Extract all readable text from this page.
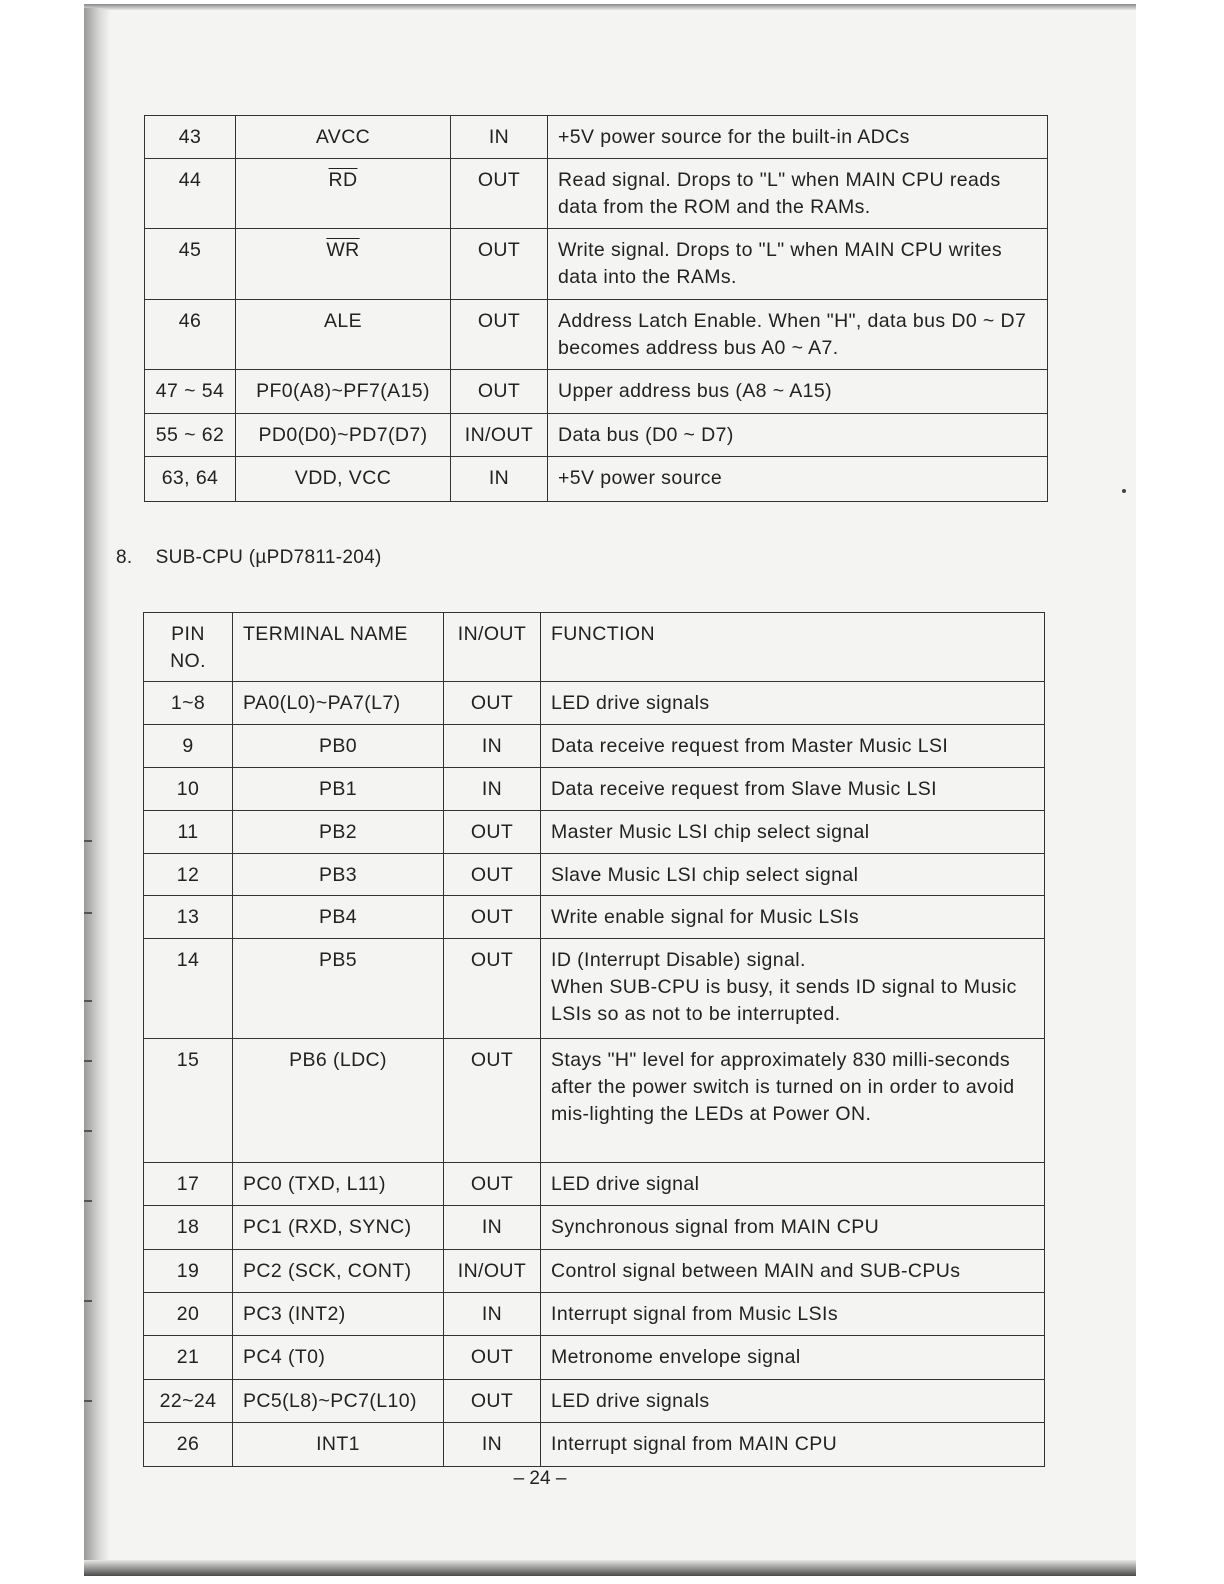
43	AVCC	IN	+5V power source for the built-in ADCs
44	$\overline{RD}$	OUT	Read signal. Drops to "L" when MAIN CPU reads data from the ROM and the RAMs.
45	$\overline{WR}$	OUT	Write signal. Drops to "L" when MAIN CPU writes data into the RAMs.
46	ALE	OUT	Address Latch Enable. When "H", data bus D0 ~ D7 becomes address bus A0 ~ A7.
47 ~ 54	PF0(A8)~PF7(A15)	OUT	Upper address bus (A8 ~ A15)
55 ~ 62	PD0(D0)~PD7(D7)	IN/OUT	Data bus (D0 ~ D7)
63, 64	VDD, VCC	IN	+5V power source
8. SUB-CPU (µPD7811-204)
PIN NO.	TERMINAL NAME	IN/OUT	FUNCTION
1~8	PA0(L0)~PA7(L7)	OUT	LED drive signals
9	PB0	IN	Data receive request from Master Music LSI
10	PB1	IN	Data receive request from Slave Music LSI
11	PB2	OUT	Master Music LSI chip select signal
12	PB3	OUT	Slave Music LSI chip select signal
13	PB4	OUT	Write enable signal for Music LSIs
14	PB5	OUT	ID (Interrupt Disable) signal.
When SUB-CPU is busy, it sends ID signal to Music LSIs so as not to be interrupted.

15	PB6 (LDC)	OUT	Stays "H" level for approximately 830 milli-seconds after the power switch is turned on in order to avoid mis-lighting the LEDs at Power ON.
17	PC0 (TXD, L11)	OUT	LED drive signal
18	PC1 (RXD, SYNC)	IN	Synchronous signal from MAIN CPU
19	PC2 (SCK, CONT)	IN/OUT	Control signal between MAIN and SUB-CPUs
20	PC3 (INT2)	IN	Interrupt signal from Music LSIs
21	PC4 (T0)	OUT	Metronome envelope signal
22~24	PC5(L8)~PC7(L10)	OUT	LED drive signals
26	INT1	IN	Interrupt signal from MAIN CPU
– 24 –
